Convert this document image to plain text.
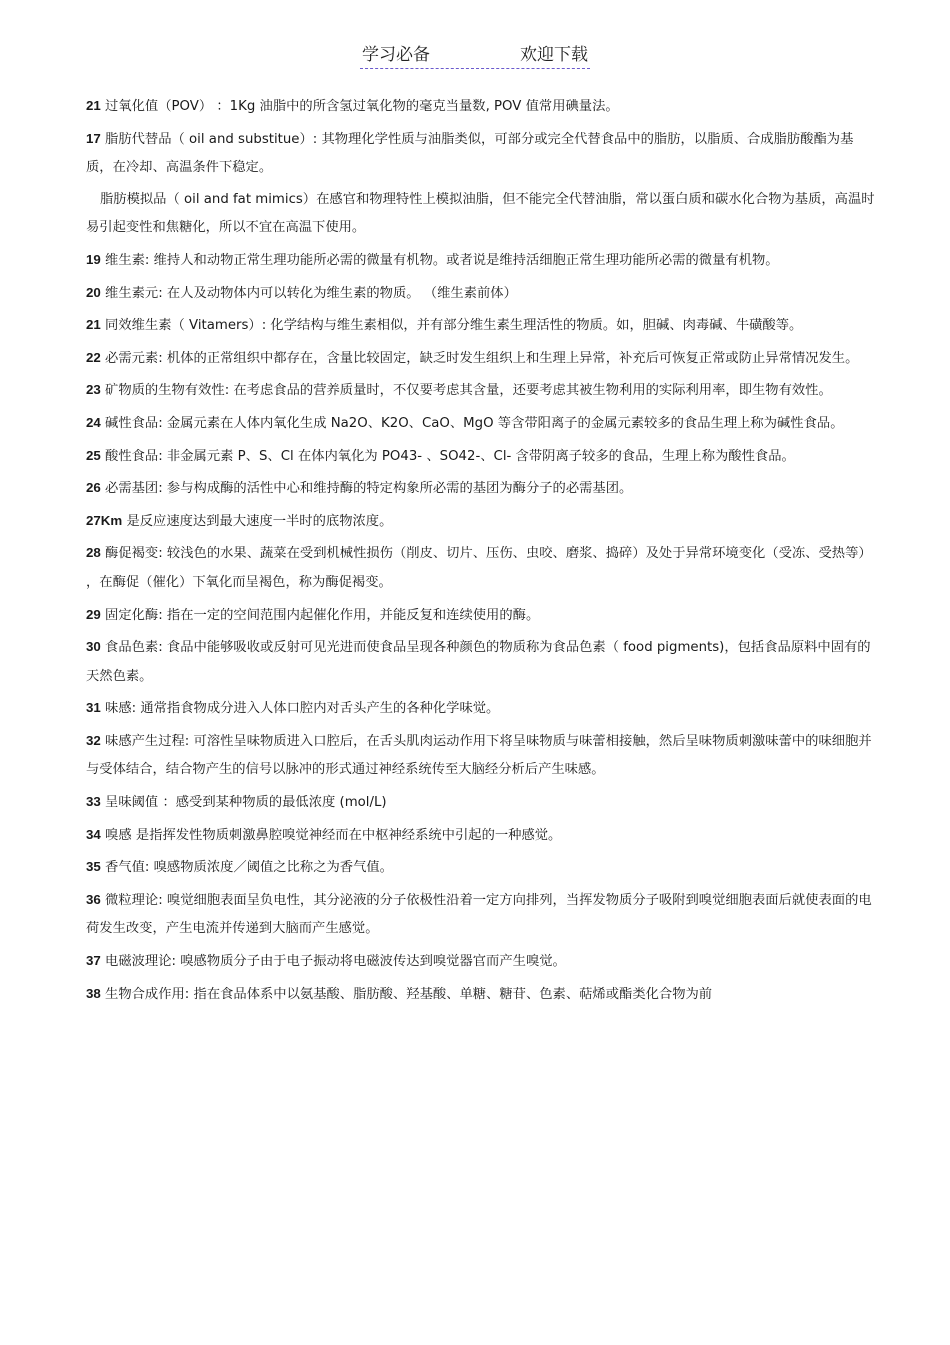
学习必备	欢迎下载

21 过氧化值（POV） ：1Kg 油脂中的所含氢过氧化物的毫克当量数, POV 值常用碘量法。

17 脂肪代替品（ oil and substitue）: 其物理化学性质与油脂类似，可部分或完全代替食品中的脂肪，以脂质、合成脂肪酸酯为基质，在冷却、高温条件下稳定。

脂肪模拟品（ oil and fat mimics）在感官和物理特性上模拟油脂，但不能完全代替油脂，常以蛋白质和碳水化合物为基质，高温时易引起变性和焦糖化，所以不宜在高温下使用。

19 维生素: 维持人和动物正常生理功能所必需的微量有机物。或者说是维持活细胞正常生理功能所必需的微量有机物。

20 维生素元: 在人及动物体内可以转化为维生素的物质。 （维生素前体）

21 同效维生素（ Vitamers）: 化学结构与维生素相似，并有部分维生素生理活性的物质。如，胆碱、肉毒碱、牛磺酸等。

22 必需元素: 机体的正常组织中都存在，含量比较固定，缺乏时发生组织上和生理上异常，补充后可恢复正常或防止异常情况发生。

23 矿物质的生物有效性: 在考虑食品的营养质量时，不仅要考虑其含量，还要考虑其被生物利用的实际利用率，即生物有效性。

24 碱性食品: 金属元素在人体内氧化生成 Na2O、K2O、CaO、MgO 等含带阳离子的金属元素较多的食品生理上称为碱性食品。

25 酸性食品: 非金属元素 P、S、Cl 在体内氧化为 PO43- 、SO42-、Cl- 含带阴离子较多的食品，生理上称为酸性食品。

26 必需基团: 参与构成酶的活性中心和维持酶的特定构象所必需的基团为酶分子的必需基团。

27Km 是反应速度达到最大速度一半时的底物浓度。

28 酶促褐变: 较浅色的水果、蔬菜在受到机械性损伤（削皮、切片、压伤、虫咬、磨浆、捣碎）及处于异常环境变化（受冻、受热等） ，在酶促（催化）下氧化而呈褐色，称为酶促褐变。

29 固定化酶: 指在一定的空间范围内起催化作用，并能反复和连续使用的酶。

30 食品色素: 食品中能够吸收或反射可见光进而使食品呈现各种颜色的物质称为食品色素（ food pigments)，包括食品原料中固有的天然色素。

31 味感: 通常指食物成分进入人体口腔内对舌头产生的各种化学味觉。

32 味感产生过程: 可溶性呈味物质进入口腔后，在舌头肌肉运动作用下将呈味物质与味蕾相接触，然后呈味物质刺激味蕾中的味细胞并与受体结合，结合物产生的信号以脉冲的形式通过神经系统传至大脑经分析后产生味感。

33 呈味阈值 ：感受到某种物质的最低浓度 (mol/L)

34 嗅感 是指挥发性物质刺激鼻腔嗅觉神经而在中枢神经系统中引起的一种感觉。

35 香气值: 嗅感物质浓度／阈值之比称之为香气值。

36 微粒理论: 嗅觉细胞表面呈负电性，其分泌液的分子依极性沿着一定方向排列，当挥发物质分子吸附到嗅觉细胞表面后就使表面的电荷发生改变，产生电流并传递到大脑而产生感觉。

37 电磁波理论: 嗅感物质分子由于电子振动将电磁波传达到嗅觉器官而产生嗅觉。

38 生物合成作用: 指在食品体系中以氨基酸、脂肪酸、羟基酸、单糖、糖苷、色素、萜烯或酯类化合物为前
